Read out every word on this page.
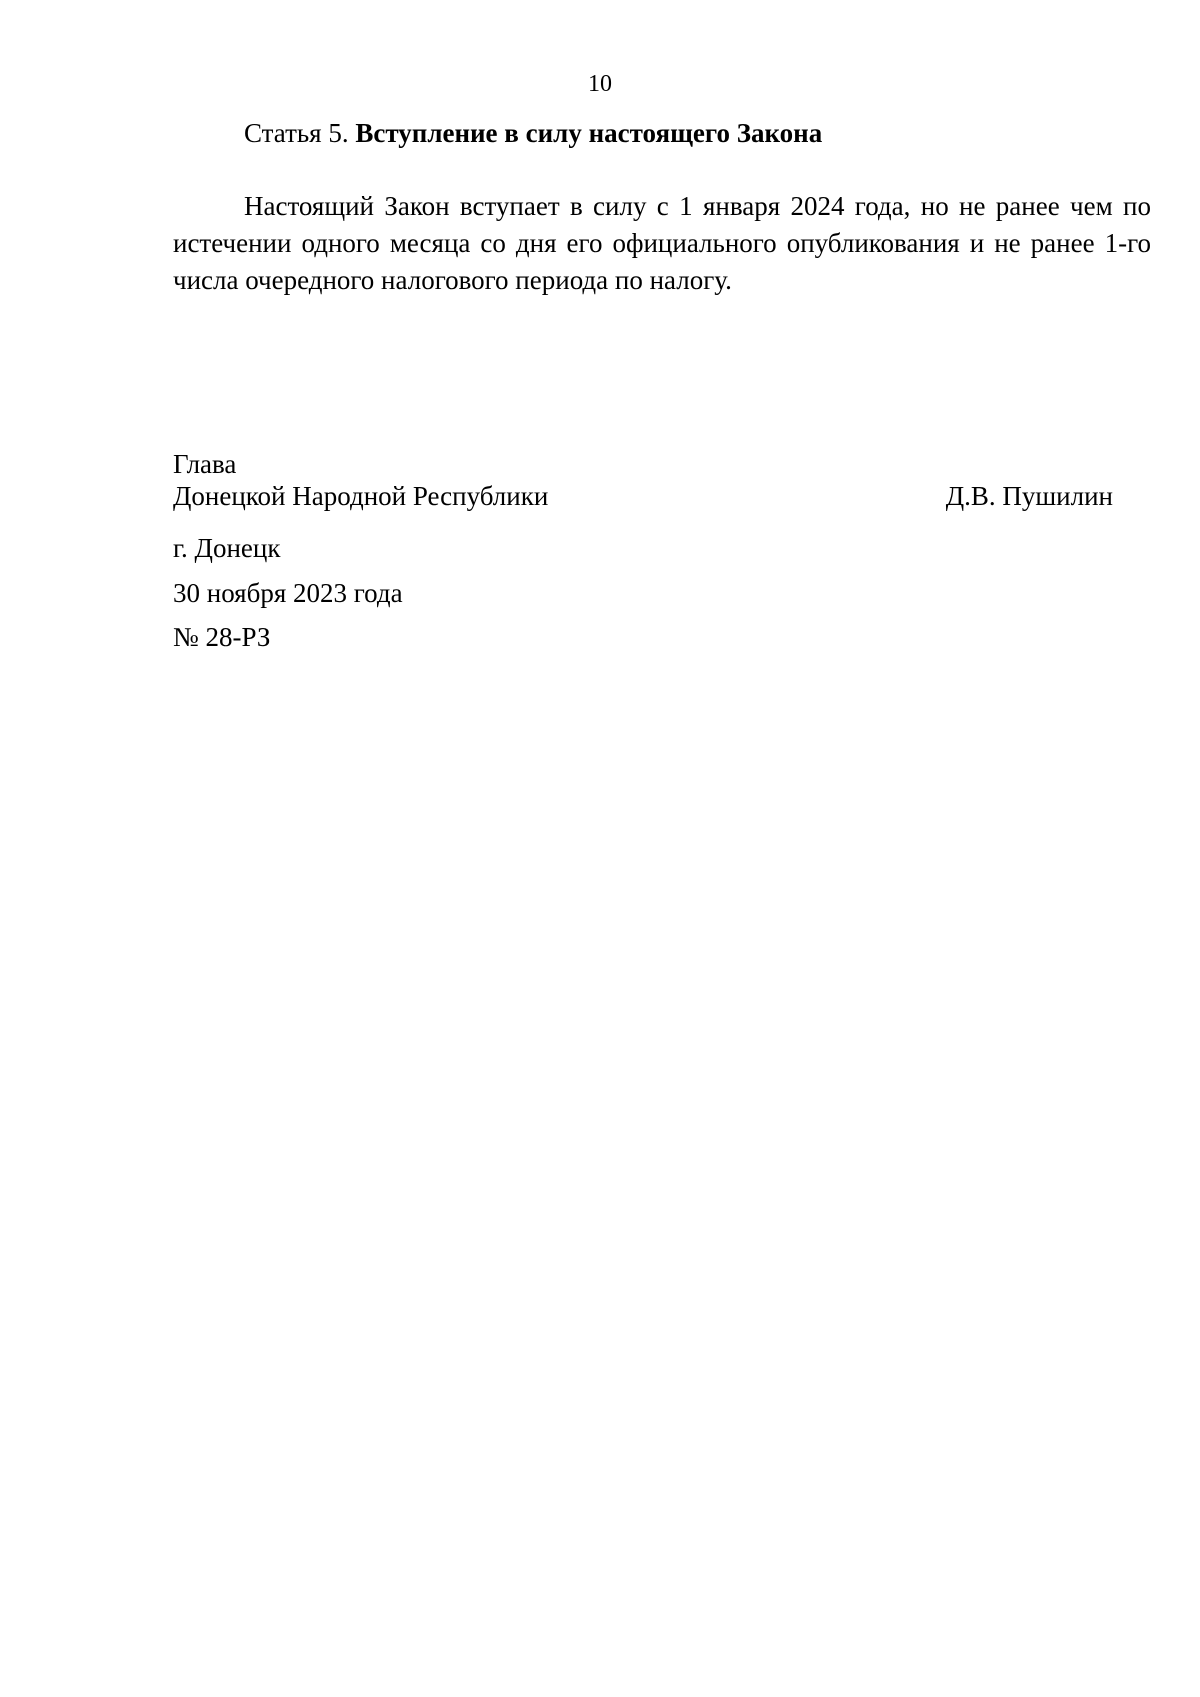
10
Статья 5. Вступление в силу настоящего Закона

Настоящий Закон вступает в силу с 1 января 2024 года, но не ранее чем по истечении одного месяца со дня его официального опубликования и не ранее 1-го числа очередного налогового периода по налогу.

Глава
Донецкой Народной Республики	Д.В. Пушилин
г. Донецк
30 ноября 2023 года
№ 28-РЗ
